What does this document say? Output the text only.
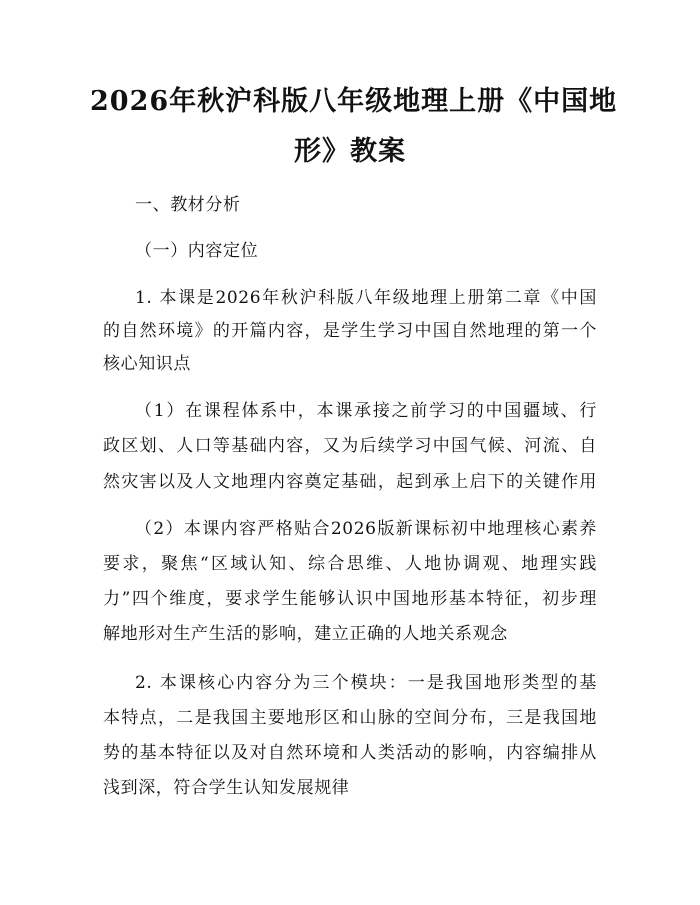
2026年秋沪科版八年级地理上册《中国地
形》教案
一、教材分析
（一）内容定位
1. 本课是2026年秋沪科版八年级地理上册第二章《中国
的自然环境》的开篇内容，是学生学习中国自然地理的第一个
核心知识点
（1）在课程体系中，本课承接之前学习的中国疆域、行
政区划、人口等基础内容，又为后续学习中国气候、河流、自
然灾害以及人文地理内容奠定基础，起到承上启下的关键作用
（2）本课内容严格贴合2026版新课标初中地理核心素养
要求，聚焦“区域认知、综合思维、人地协调观、地理实践
力”四个维度，要求学生能够认识中国地形基本特征，初步理
解地形对生产生活的影响，建立正确的人地关系观念
2. 本课核心内容分为三个模块：一是我国地形类型的基
本特点，二是我国主要地形区和山脉的空间分布，三是我国地
势的基本特征以及对自然环境和人类活动的影响，内容编排从
浅到深，符合学生认知发展规律
